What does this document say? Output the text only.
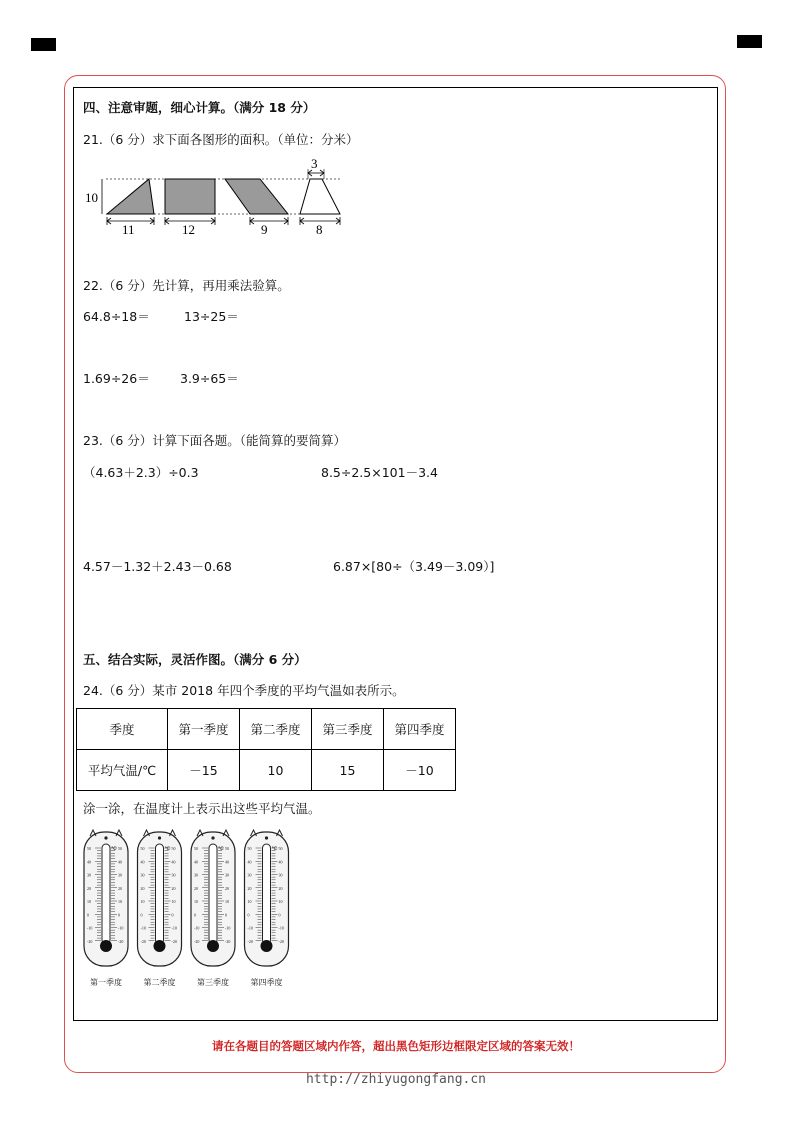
四、注意审题，细心计算。（满分 18 分）
21.（6 分）求下面各图形的面积。（单位：分米）
10
3
11	12	9	8
22.（6 分）先计算，再用乘法验算。
64.8÷18＝	13÷25＝
1.69÷26＝ 3.9÷65＝
23.（6 分）计算下面各题。（能简算的要简算）
（4.63＋2.3）÷0.3	8.5÷2.5×101－3.4
4.57－1.32＋2.43－0.68	6.87×[80÷（3.49－3.09）]
五、结合实际，灵活作图。（满分 6 分）
24.（6 分）某市 2018 年四个季度的平均气温如表所示。
季度	第一季度	第二季度	第三季度	第四季度
平均气温/℃	－15	10	15	－10
涂一涂，在温度计上表示出这些平均气温。
℃
50	50
40	40
30	30
20	20
10	10
0	0
-10	-10
-20	-20
第一季度
℃
50	50
40	40
30	30
20	20
10	10
0	0
-10	-10
-20	-20
第二季度
℃
50	50
40	40
30	30
20	20
10	10
0	0
-10	-10
-20	-20
第三季度
℃
50	50
40	40
30	30
20	20
10	10
0	0
-10	-10
-20	-20
第四季度
请在各题目的答题区域内作答，超出黑色矩形边框限定区域的答案无效！
http://zhiyugongfang.cn
